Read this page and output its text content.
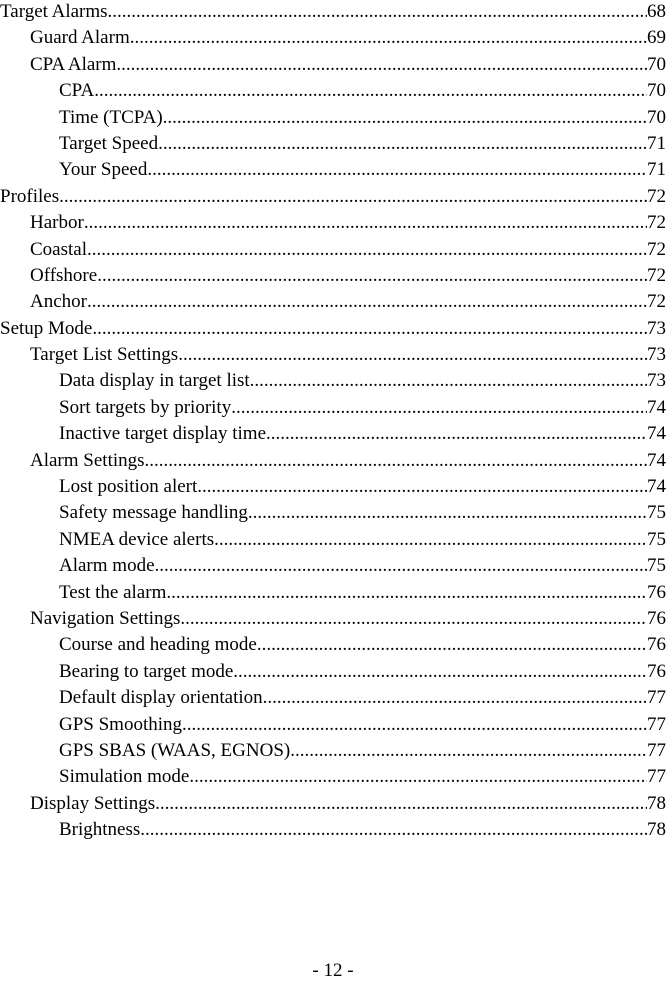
Target Alarms .....	68
Guard Alarm .....	69
CPA Alarm .....	70
CPA .....	70
Time (TCPA) .....	70
Target Speed .....	71
Your Speed .....	71
Profiles .....	72
Harbor .....	72
Coastal .....	72
Offshore .....	72
Anchor .....	72
Setup Mode .....	73
Target List Settings .....	73
Data display in target list .....	73
Sort targets by priority .....	74
Inactive target display time .....	74
Alarm Settings .....	74
Lost position alert .....	74
Safety message handling .....	75
NMEA device alerts .....	75
Alarm mode .....	75
Test the alarm .....	76
Navigation Settings .....	76
Course and heading mode .....	76
Bearing to target mode .....	76
Default display orientation .....	77
GPS Smoothing .....	77
GPS SBAS (WAAS, EGNOS) .....	77
Simulation mode .....	77
Display Settings .....	78
Brightness .....	78
- 12 -
